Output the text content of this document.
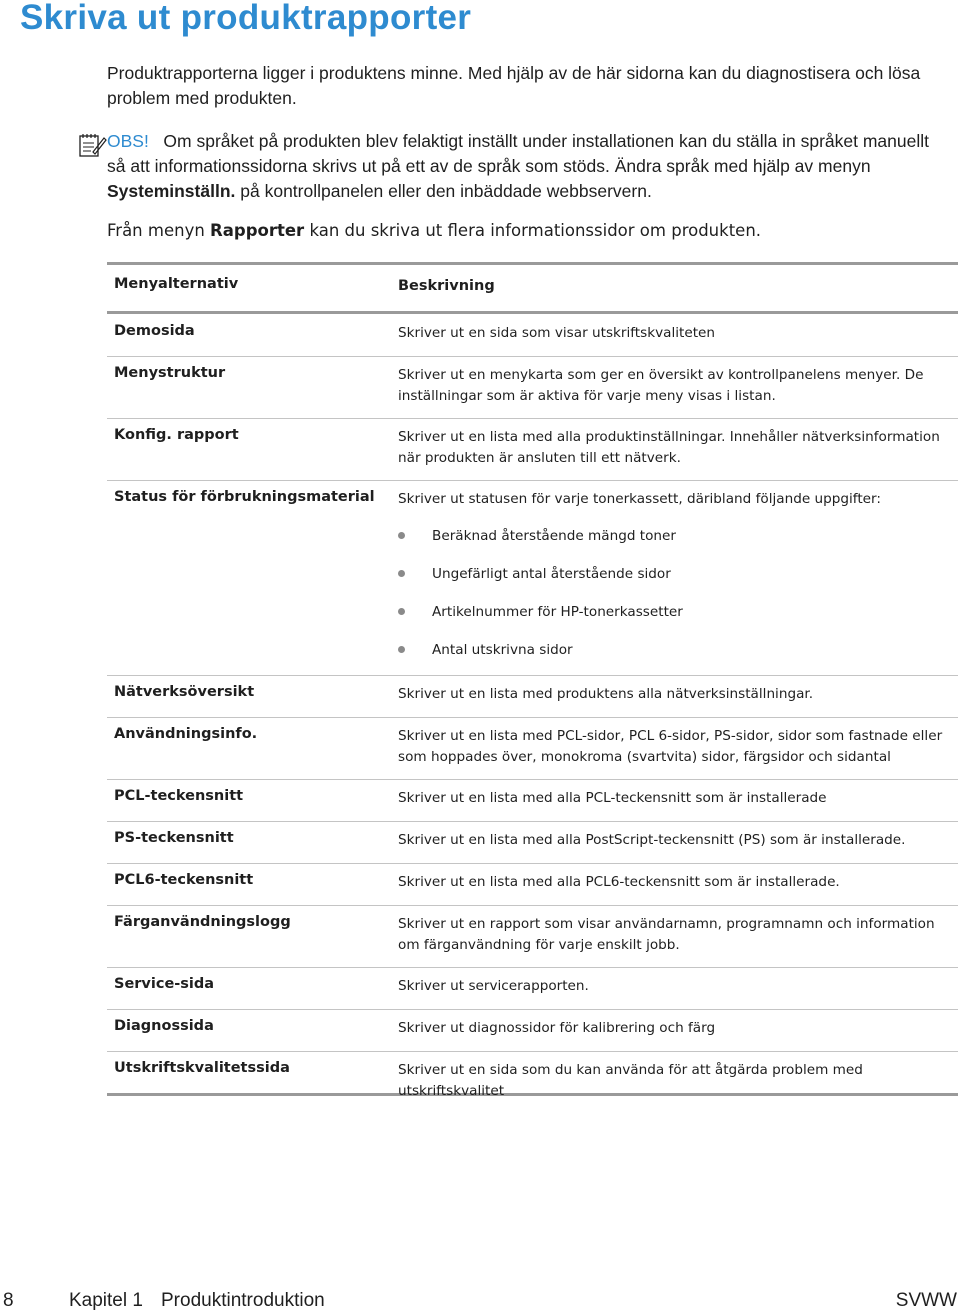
Skriva ut produktrapporter

Produktrapporterna ligger i produktens minne. Med hjälp av de här sidorna kan du diagnostisera och lösa problem med produkten.

OBS! Om språket på produkten blev felaktigt inställt under installationen kan du ställa in språket manuellt så att informationssidorna skrivs ut på ett av de språk som stöds. Ändra språk med hjälp av menyn Systeminställn. på kontrollpanelen eller den inbäddade webbservern.

Från menyn Rapporter kan du skriva ut flera informationssidor om produkten.

Menyalternativ	Beskrivning
Demosida	Skriver ut en sida som visar utskriftskvaliteten
Menystruktur	Skriver ut en menykarta som ger en översikt av kontrollpanelens menyer. De inställningar som är aktiva för varje meny visas i listan.
Konfig. rapport	Skriver ut en lista med alla produktinställningar. Innehåller nätverksinformation när produkten är ansluten till ett nätverk.
Status för förbrukningsmaterial	Skriver ut statusen för varje tonerkassett, däribland följande uppgifter:
Beräknad återstående mängd toner
Ungefärligt antal återstående sidor
Artikelnummer för HP-tonerkassetter
Antal utskrivna sidor
Nätverksöversikt	Skriver ut en lista med produktens alla nätverksinställningar.
Användningsinfo.	Skriver ut en lista med PCL-sidor, PCL 6-sidor, PS-sidor, sidor som fastnade eller som hoppades över, monokroma (svartvita) sidor, färgsidor och sidantal
PCL-teckensnitt	Skriver ut en lista med alla PCL-teckensnitt som är installerade
PS-teckensnitt	Skriver ut en lista med alla PostScript-teckensnitt (PS) som är installerade.
PCL6-teckensnitt	Skriver ut en lista med alla PCL6-teckensnitt som är installerade.
Färganvändningslogg	Skriver ut en rapport som visar användarnamn, programnamn och information om färganvändning för varje enskilt jobb.
Service-sida	Skriver ut servicerapporten.
Diagnossida	Skriver ut diagnossidor för kalibrering och färg
Utskriftskvalitetssida	Skriver ut en sida som du kan använda för att åtgärda problem med utskriftskvalitet
8	Kapitel 1 Produktintroduktion	SVWW
